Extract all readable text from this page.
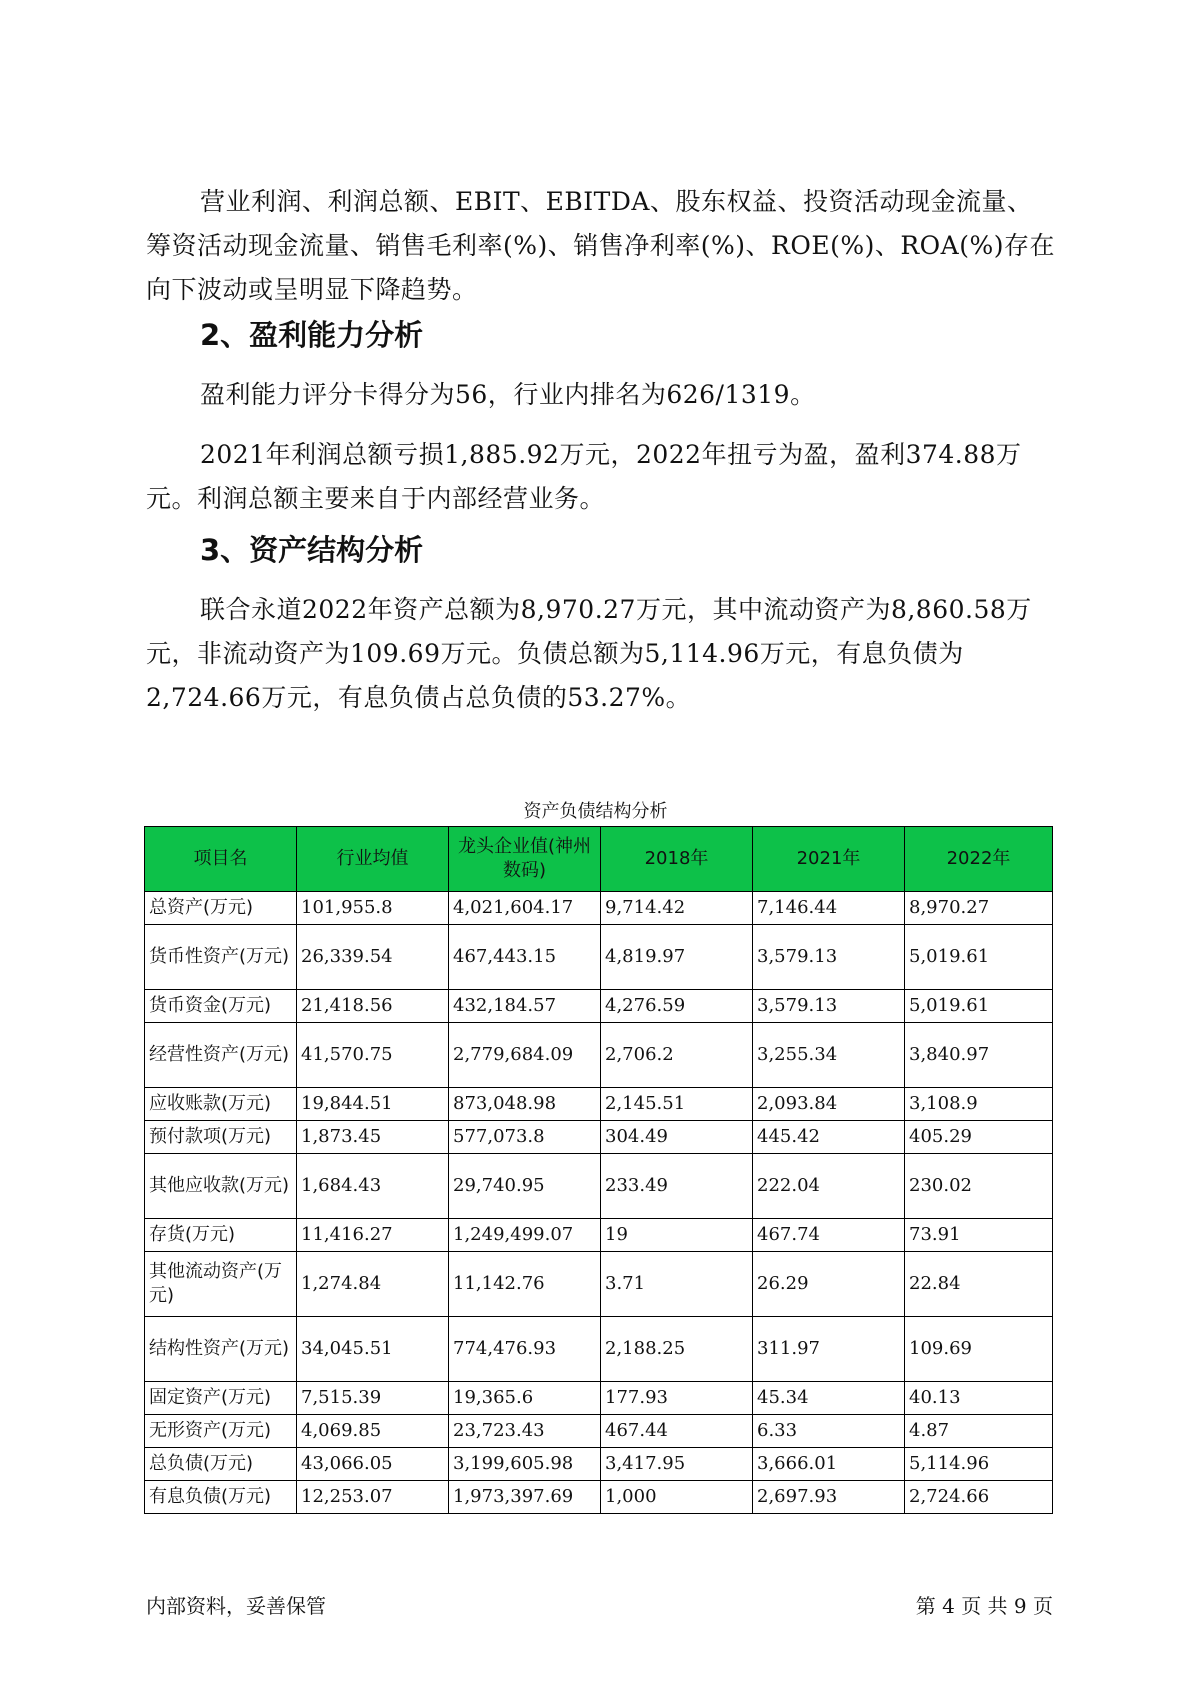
营业利润、利润总额、EBIT、EBITDA、股东权益、投资活动现金流量、筹资活动现金流量、销售毛利率(%)、销售净利率(%)、ROE(%)、ROA(%)存在向下波动或呈明显下降趋势。

2、盈利能力分析

盈利能力评分卡得分为56，行业内排名为626/1319。

2021年利润总额亏损1,885.92万元，2022年扭亏为盈，盈利374.88万元。利润总额主要来自于内部经营业务。

3、资产结构分析

联合永道2022年资产总额为8,970.27万元，其中流动资产为8,860.58万元，非流动资产为109.69万元。负债总额为5,114.96万元，有息负债为2,724.66万元，有息负债占总负债的53.27%。

资产负债结构分析
项目名	行业均值	龙头企业值(神州数码)	2018年	2021年	2022年
总资产(万元)	101,955.8	4,021,604.17	9,714.42	7,146.44	8,970.27
货币性资产(万元)	26,339.54	467,443.15	4,819.97	3,579.13	5,019.61
货币资金(万元)	21,418.56	432,184.57	4,276.59	3,579.13	5,019.61
经营性资产(万元)	41,570.75	2,779,684.09	2,706.2	3,255.34	3,840.97
应收账款(万元)	19,844.51	873,048.98	2,145.51	2,093.84	3,108.9
预付款项(万元)	1,873.45	577,073.8	304.49	445.42	405.29
其他应收款(万元)	1,684.43	29,740.95	233.49	222.04	230.02
存货(万元)	11,416.27	1,249,499.07	19	467.74	73.91
其他流动资产(万元)	1,274.84	11,142.76	3.71	26.29	22.84
结构性资产(万元)	34,045.51	774,476.93	2,188.25	311.97	109.69
固定资产(万元)	7,515.39	19,365.6	177.93	45.34	40.13
无形资产(万元)	4,069.85	23,723.43	467.44	6.33	4.87
总负债(万元)	43,066.05	3,199,605.98	3,417.95	3,666.01	5,114.96
有息负债(万元)	12,253.07	1,973,397.69	1,000	2,697.93	2,724.66
内部资料，妥善保管	第 4 页 共 9 页
